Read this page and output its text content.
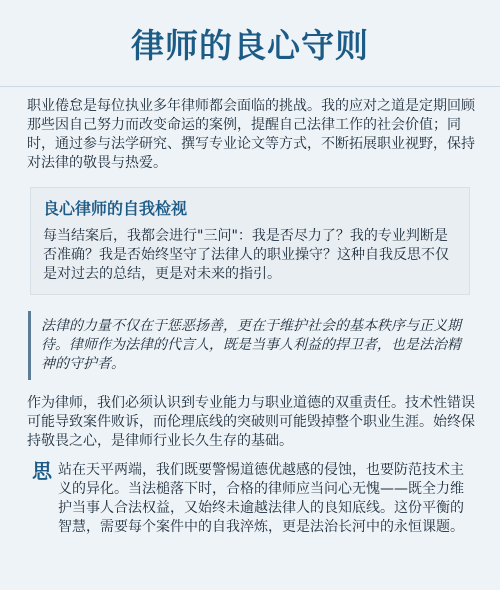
律师的良心守则

职业倦怠是每位执业多年律师都会面临的挑战。我的应对之道是定期回顾那些因自己努力而改变命运的案例，提醒自己法律工作的社会价值；同时，通过参与法学研究、撰写专业论文等方式，不断拓展职业视野，保持对法律的敬畏与热爱。

良心律师的自我检视

每当结案后，我都会进行"三问"：我是否尽力了？我的专业判断是否准确？我是否始终坚守了法律人的职业操守？这种自我反思不仅是对过去的总结，更是对未来的指引。

法律的力量不仅在于惩恶扬善，更在于维护社会的基本秩序与正义期待。律师作为法律的代言人，既是当事人利益的捍卫者，也是法治精神的守护者。

作为律师，我们必须认识到专业能力与职业道德的双重责任。技术性错误可能导致案件败诉，而伦理底线的突破则可能毁掉整个职业生涯。始终保持敬畏之心，是律师行业长久生存的基础。

思 站在天平两端，我们既要警惕道德优越感的侵蚀，也要防范技术主义的异化。当法槌落下时，合格的律师应当问心无愧——既全力维护当事人合法权益，又始终未逾越法律人的良知底线。这份平衡的智慧，需要每个案件中的自我淬炼，更是法治长河中的永恒课题。
